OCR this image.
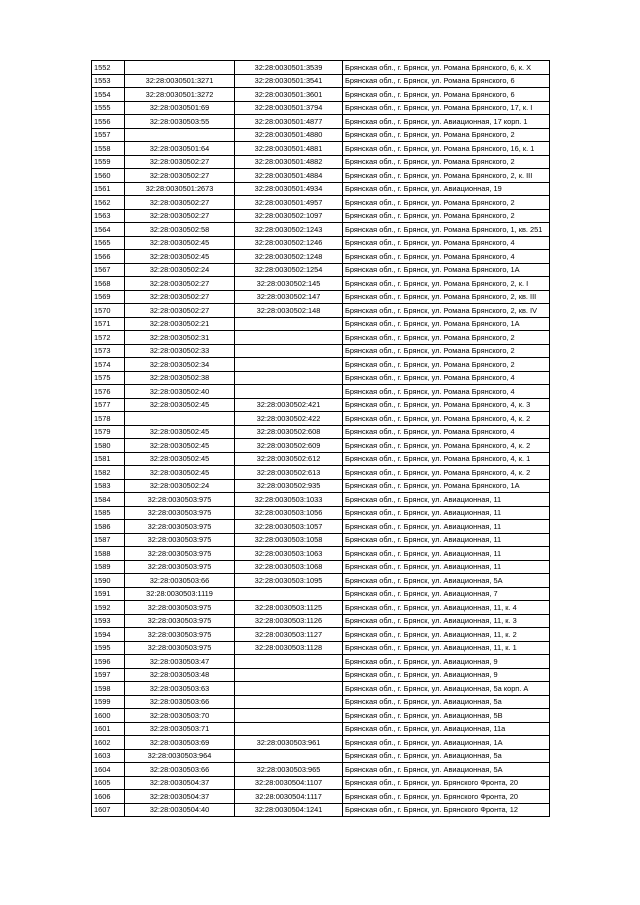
1552		32:28:0030501:3539	Брянская обл., г. Брянск, ул. Романа Брянского, 6, к. X
1553	32:28:0030501:3271	32:28:0030501:3541	Брянская обл., г. Брянск, ул. Романа Брянского, 6
1554	32:28:0030501:3272	32:28:0030501:3601	Брянская обл., г. Брянск, ул. Романа Брянского, 6
1555	32:28:0030501:69	32:28:0030501:3794	Брянская обл., г. Брянск, ул. Романа Брянского, 17, к. I
1556	32:28:0030503:55	32:28:0030501:4877	Брянская обл., г. Брянск, ул. Авиационная, 17 корп. 1
1557		32:28:0030501:4880	Брянская обл., г. Брянск, ул. Романа Брянского, 2
1558	32:28:0030501:64	32:28:0030501:4881	Брянская обл., г. Брянск, ул. Романа Брянского, 16, к. 1
1559	32:28:0030502:27	32:28:0030501:4882	Брянская обл., г. Брянск, ул. Романа Брянского, 2
1560	32:28:0030502:27	32:28:0030501:4884	Брянская обл., г. Брянск, ул. Романа Брянского, 2, к. III
1561	32:28:0030501:2673	32:28:0030501:4934	Брянская обл., г. Брянск, ул. Авиационная, 19
1562	32:28:0030502:27	32:28:0030501:4957	Брянская обл., г. Брянск, ул. Романа Брянского, 2
1563	32:28:0030502:27	32:28:0030502:1097	Брянская обл., г. Брянск, ул. Романа Брянского, 2
1564	32:28:0030502:58	32:28:0030502:1243	Брянская обл., г. Брянск, ул. Романа Брянского, 1, кв. 251
1565	32:28:0030502:45	32:28:0030502:1246	Брянская обл., г. Брянск, ул. Романа Брянского, 4
1566	32:28:0030502:45	32:28:0030502:1248	Брянская обл., г. Брянск, ул. Романа Брянского, 4
1567	32:28:0030502:24	32:28:0030502:1254	Брянская обл., г. Брянск, ул. Романа Брянского, 1А
1568	32:28:0030502:27	32:28:0030502:145	Брянская обл., г. Брянск, ул. Романа Брянского, 2, к. I
1569	32:28:0030502:27	32:28:0030502:147	Брянская обл., г. Брянск, ул. Романа Брянского, 2, кв. III
1570	32:28:0030502:27	32:28:0030502:148	Брянская обл., г. Брянск, ул. Романа Брянского, 2, кв. IV
1571	32:28:0030502:21		Брянская обл., г. Брянск, ул. Романа Брянского, 1А
1572	32:28:0030502:31		Брянская обл., г. Брянск, ул. Романа Брянского, 2
1573	32:28:0030502:33		Брянская обл., г. Брянск, ул. Романа Брянского, 2
1574	32:28:0030502:34		Брянская обл., г. Брянск, ул. Романа Брянского, 2
1575	32:28:0030502:38		Брянская обл., г. Брянск, ул. Романа Брянского, 4
1576	32:28:0030502:40		Брянская обл., г. Брянск, ул. Романа Брянского, 4
1577	32:28:0030502:45	32:28:0030502:421	Брянская обл., г. Брянск, ул. Романа Брянского, 4, к. 3
1578		32:28:0030502:422	Брянская обл., г. Брянск, ул. Романа Брянского, 4, к. 2
1579	32:28:0030502:45	32:28:0030502:608	Брянская обл., г. Брянск, ул. Романа Брянского, 4
1580	32:28:0030502:45	32:28:0030502:609	Брянская обл., г. Брянск, ул. Романа Брянского, 4, к. 2
1581	32:28:0030502:45	32:28:0030502:612	Брянская обл., г. Брянск, ул. Романа Брянского, 4, к. 1
1582	32:28:0030502:45	32:28:0030502:613	Брянская обл., г. Брянск, ул. Романа Брянского, 4, к. 2
1583	32:28:0030502:24	32:28:0030502:935	Брянская обл., г. Брянск, ул. Романа Брянского, 1А
1584	32:28:0030503:975	32:28:0030503:1033	Брянская обл., г. Брянск, ул. Авиационная, 11
1585	32:28:0030503:975	32:28:0030503:1056	Брянская обл., г. Брянск, ул. Авиационная, 11
1586	32:28:0030503:975	32:28:0030503:1057	Брянская обл., г. Брянск, ул. Авиационная, 11
1587	32:28:0030503:975	32:28:0030503:1058	Брянская обл., г. Брянск, ул. Авиационная, 11
1588	32:28:0030503:975	32:28:0030503:1063	Брянская обл., г. Брянск, ул. Авиационная, 11
1589	32:28:0030503:975	32:28:0030503:1068	Брянская обл., г. Брянск, ул. Авиационная, 11
1590	32:28:0030503:66	32:28:0030503:1095	Брянская обл., г. Брянск, ул. Авиационная, 5А
1591	32:28:0030503:1119		Брянская обл., г. Брянск, ул. Авиационная, 7
1592	32:28:0030503:975	32:28:0030503:1125	Брянская обл., г. Брянск, ул. Авиационная, 11, к. 4
1593	32:28:0030503:975	32:28:0030503:1126	Брянская обл., г. Брянск, ул. Авиационная, 11, к. 3
1594	32:28:0030503:975	32:28:0030503:1127	Брянская обл., г. Брянск, ул. Авиационная, 11, к. 2
1595	32:28:0030503:975	32:28:0030503:1128	Брянская обл., г. Брянск, ул. Авиационная, 11, к. 1
1596	32:28:0030503:47		Брянская обл., г. Брянск, ул. Авиационная, 9
1597	32:28:0030503:48		Брянская обл., г. Брянск, ул. Авиационная, 9
1598	32:28:0030503:63		Брянская обл., г. Брянск, ул. Авиационная, 5а корп. А
1599	32:28:0030503:66		Брянская обл., г. Брянск, ул. Авиационная, 5а
1600	32:28:0030503:70		Брянская обл., г. Брянск, ул. Авиационная, 5В
1601	32:28:0030503:71		Брянская обл., г. Брянск, ул. Авиационная, 11а
1602	32:28:0030503:69	32:28:0030503:961	Брянская обл., г. Брянск, ул. Авиационная, 1А
1603	32:28:0030503:964		Брянская обл., г. Брянск, ул. Авиационная, 5а
1604	32:28:0030503:66	32:28:0030503:965	Брянская обл., г. Брянск, ул. Авиационная, 5А
1605	32:28:0030504:37	32:28:0030504:1107	Брянская обл., г. Брянск, ул. Брянского Фронта, 20
1606	32:28:0030504:37	32:28:0030504:1117	Брянская обл., г. Брянск, ул. Брянского Фронта, 20
1607	32:28:0030504:40	32:28:0030504:1241	Брянская обл., г. Брянск, ул. Брянского Фронта, 12
